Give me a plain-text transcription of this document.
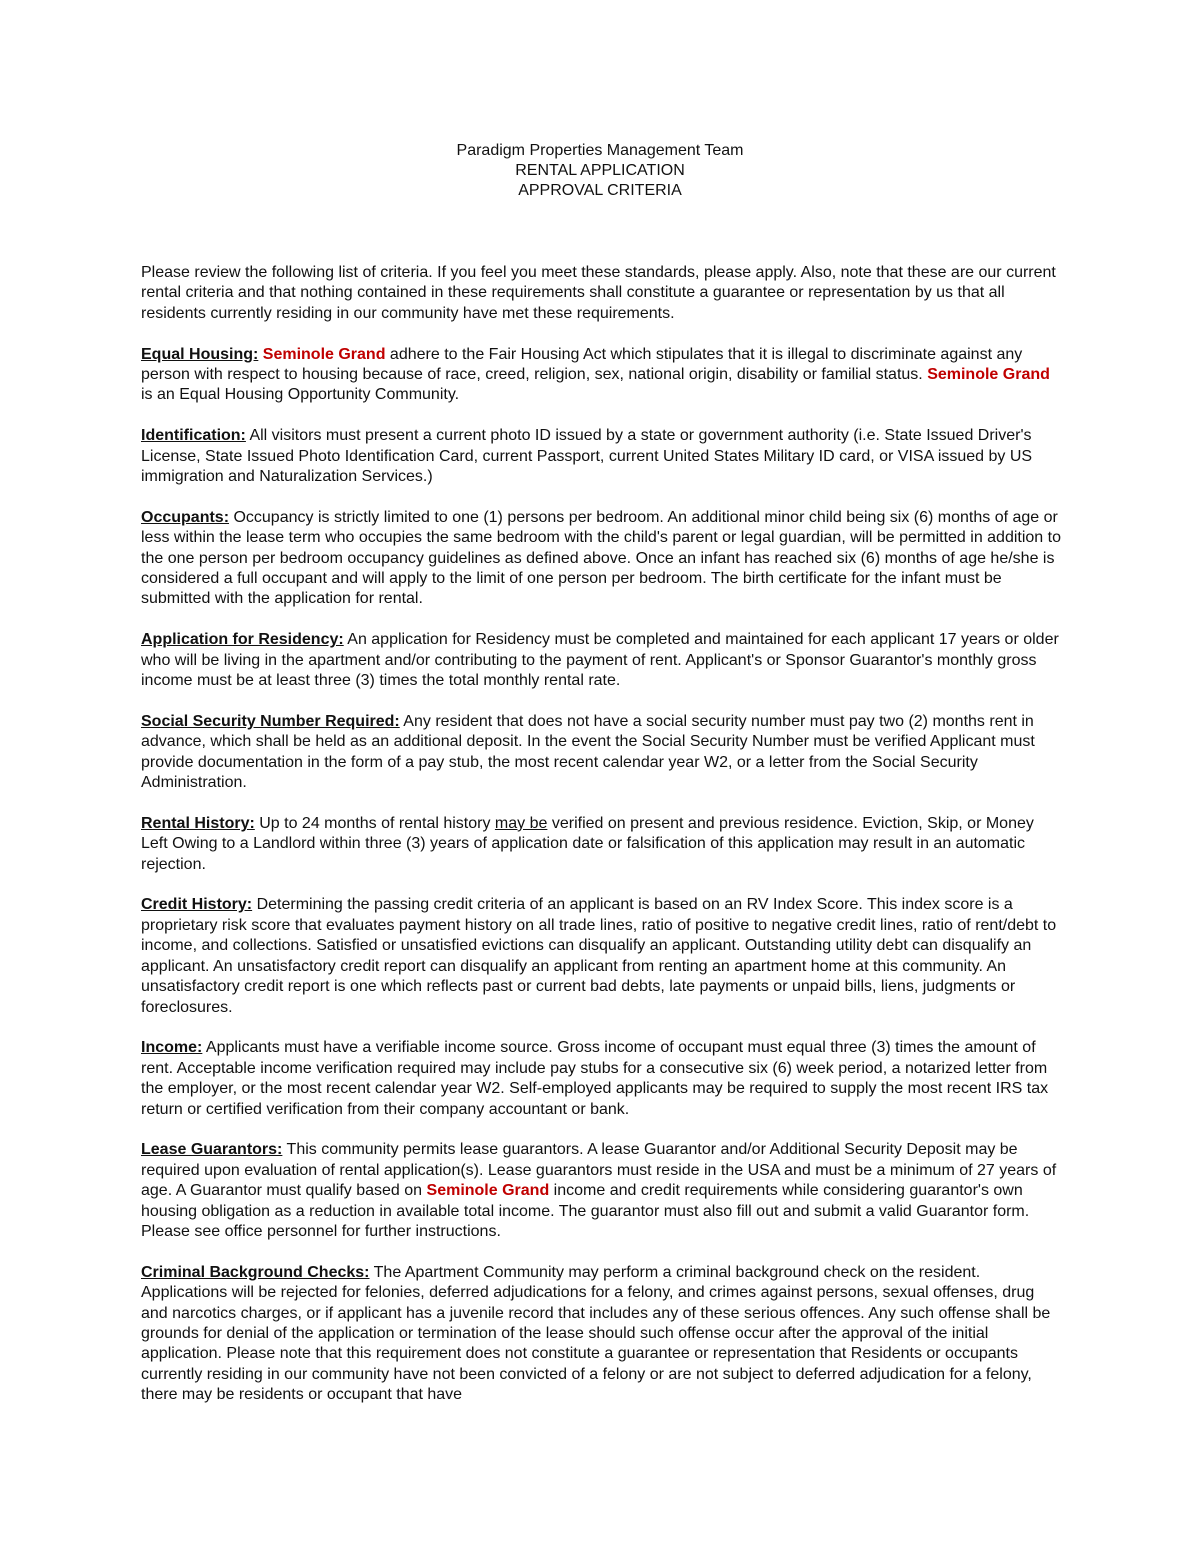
Paradigm Properties Management Team
RENTAL APPLICATION
APPROVAL CRITERIA

Please review the following list of criteria. If you feel you meet these standards, please apply. Also, note that these are our current rental criteria and that nothing contained in these requirements shall constitute a guarantee or representation by us that all residents currently residing in our community have met these requirements.

Equal Housing: Seminole Grand adhere to the Fair Housing Act which stipulates that it is illegal to discriminate against any person with respect to housing because of race, creed, religion, sex, national origin, disability or familial status. Seminole Grand is an Equal Housing Opportunity Community.

Identification: All visitors must present a current photo ID issued by a state or government authority (i.e. State Issued Driver's License, State Issued Photo Identification Card, current Passport, current United States Military ID card, or VISA issued by US immigration and Naturalization Services.)

Occupants: Occupancy is strictly limited to one (1) persons per bedroom. An additional minor child being six (6) months of age or less within the lease term who occupies the same bedroom with the child's parent or legal guardian, will be permitted in addition to the one person per bedroom occupancy guidelines as defined above. Once an infant has reached six (6) months of age he/she is considered a full occupant and will apply to the limit of one person per bedroom. The birth certificate for the infant must be submitted with the application for rental.

Application for Residency: An application for Residency must be completed and maintained for each applicant 17 years or older who will be living in the apartment and/or contributing to the payment of rent. Applicant's or Sponsor Guarantor's monthly gross income must be at least three (3) times the total monthly rental rate.

Social Security Number Required: Any resident that does not have a social security number must pay two (2) months rent in advance, which shall be held as an additional deposit. In the event the Social Security Number must be verified Applicant must provide documentation in the form of a pay stub, the most recent calendar year W2, or a letter from the Social Security Administration.

Rental History: Up to 24 months of rental history may be verified on present and previous residence. Eviction, Skip, or Money Left Owing to a Landlord within three (3) years of application date or falsification of this application may result in an automatic rejection.

Credit History: Determining the passing credit criteria of an applicant is based on an RV Index Score. This index score is a proprietary risk score that evaluates payment history on all trade lines, ratio of positive to negative credit lines, ratio of rent/debt to income, and collections. Satisfied or unsatisfied evictions can disqualify an applicant. Outstanding utility debt can disqualify an applicant. An unsatisfactory credit report can disqualify an applicant from renting an apartment home at this community. An unsatisfactory credit report is one which reflects past or current bad debts, late payments or unpaid bills, liens, judgments or foreclosures.

Income: Applicants must have a verifiable income source. Gross income of occupant must equal three (3) times the amount of rent. Acceptable income verification required may include pay stubs for a consecutive six (6) week period, a notarized letter from the employer, or the most recent calendar year W2. Self-employed applicants may be required to supply the most recent IRS tax return or certified verification from their company accountant or bank.

Lease Guarantors: This community permits lease guarantors. A lease Guarantor and/or Additional Security Deposit may be required upon evaluation of rental application(s). Lease guarantors must reside in the USA and must be a minimum of 27 years of age. A Guarantor must qualify based on Seminole Grand income and credit requirements while considering guarantor's own housing obligation as a reduction in available total income. The guarantor must also fill out and submit a valid Guarantor form. Please see office personnel for further instructions.

Criminal Background Checks: The Apartment Community may perform a criminal background check on the resident. Applications will be rejected for felonies, deferred adjudications for a felony, and crimes against persons, sexual offenses, drug and narcotics charges, or if applicant has a juvenile record that includes any of these serious offences. Any such offense shall be grounds for denial of the application or termination of the lease should such offense occur after the approval of the initial application. Please note that this requirement does not constitute a guarantee or representation that Residents or occupants currently residing in our community have not been convicted of a felony or are not subject to deferred adjudication for a felony, there may be residents or occupant that have
